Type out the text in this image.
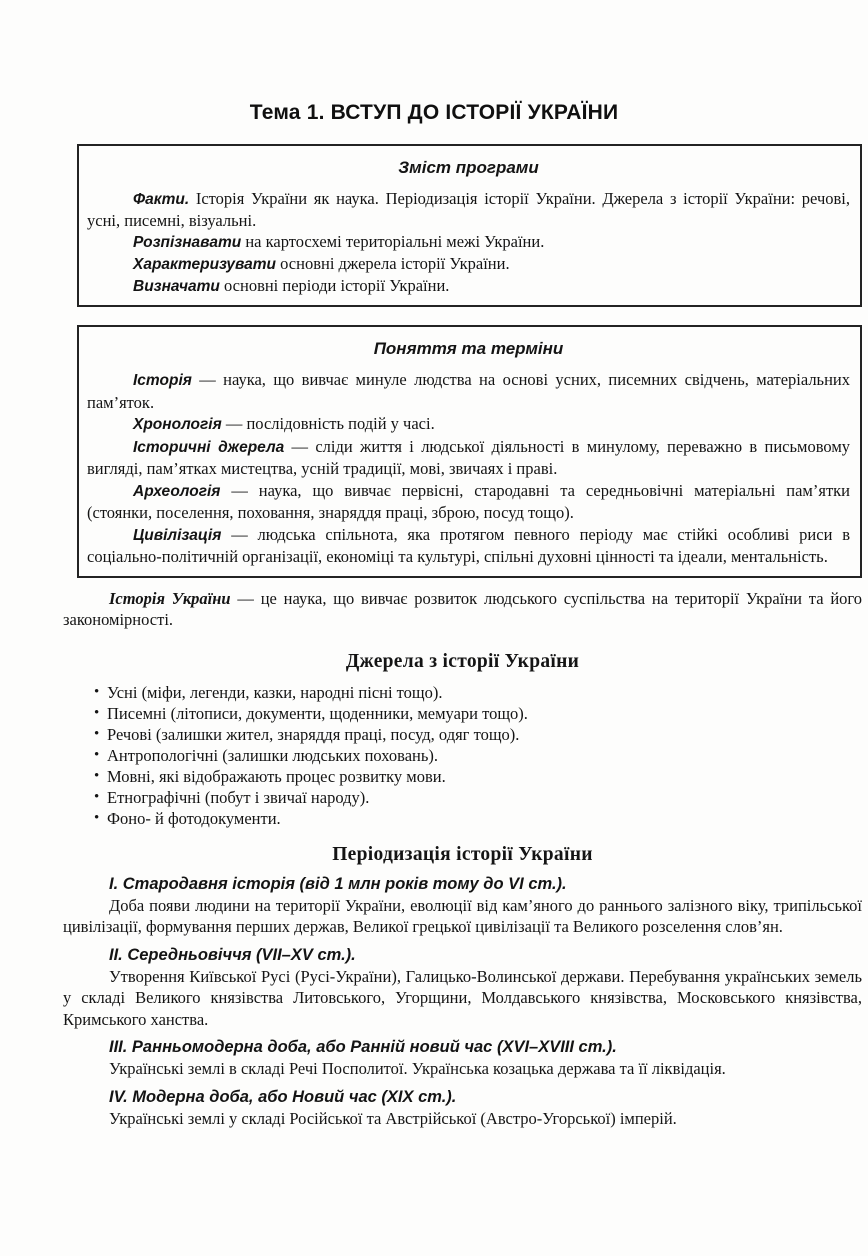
Тема 1. ВСТУП ДО ІСТОРІЇ УКРАЇНИ
Зміст програми

Факти. Історія України як наука. Періодизація історії України. Джерела з історії України: речові, усні, писемні, візуальні.

Розпізнавати на картосхемі територіальні межі України.

Характеризувати основні джерела історії України.

Визначати основні періоди історії України.

Поняття та терміни

Історія — наука, що вивчає минуле людства на основі усних, писемних свідчень, матеріальних пам’яток.

Хронологія — послідовність подій у часі.

Історичні джерела — сліди життя і людської діяльності в минулому, переважно в письмовому вигляді, пам’ятках мистецтва, усній традиції, мові, звичаях і праві.

Археологія — наука, що вивчає первісні, стародавні та середньовічні матеріальні пам’ятки (стоянки, поселення, поховання, знаряддя праці, зброю, посуд тощо).

Цивілізація — людська спільнота, яка протягом певного періоду має стійкі особливі риси в соціально-політичній організації, економіці та культурі, спільні духовні цінності та ідеали, ментальність.

Історія України — це наука, що вивчає розвиток людського суспільства на території України та його закономірності.

Джерела з історії України
• Усні (міфи, легенди, казки, народні пісні тощо).
• Писемні (літописи, документи, щоденники, мемуари тощо).
• Речові (залишки жител, знаряддя праці, посуд, одяг тощо).
• Антропологічні (залишки людських поховань).
• Мовні, які відображають процес розвитку мови.
• Етнографічні (побут і звичаї народу).
• Фоно- й фотодокументи.
Періодизація історії України
I. Стародавня історія (від 1 млн років тому до VI ст.).

Доба появи людини на території України, еволюції від кам’яного до раннього залізного віку, трипільської цивілізації, формування перших держав, Великої грецької цивілізації та Великого розселення слов’ян.

II. Середньовіччя (VII–XV ст.).

Утворення Київської Русі (Русі-України), Галицько-Волинської держави. Перебування українських земель у складі Великого князівства Литовського, Угорщини, Молдавського князівства, Московського князівства, Кримського ханства.

III. Ранньомодерна доба, або Ранній новий час (XVI–XVIII ст.).

Українські землі в складі Речі Посполитої. Українська козацька держава та її ліквідація.

IV. Модерна доба, або Новий час (XIX ст.).

Українські землі у складі Російської та Австрійської (Австро-Угорської) імперій.
